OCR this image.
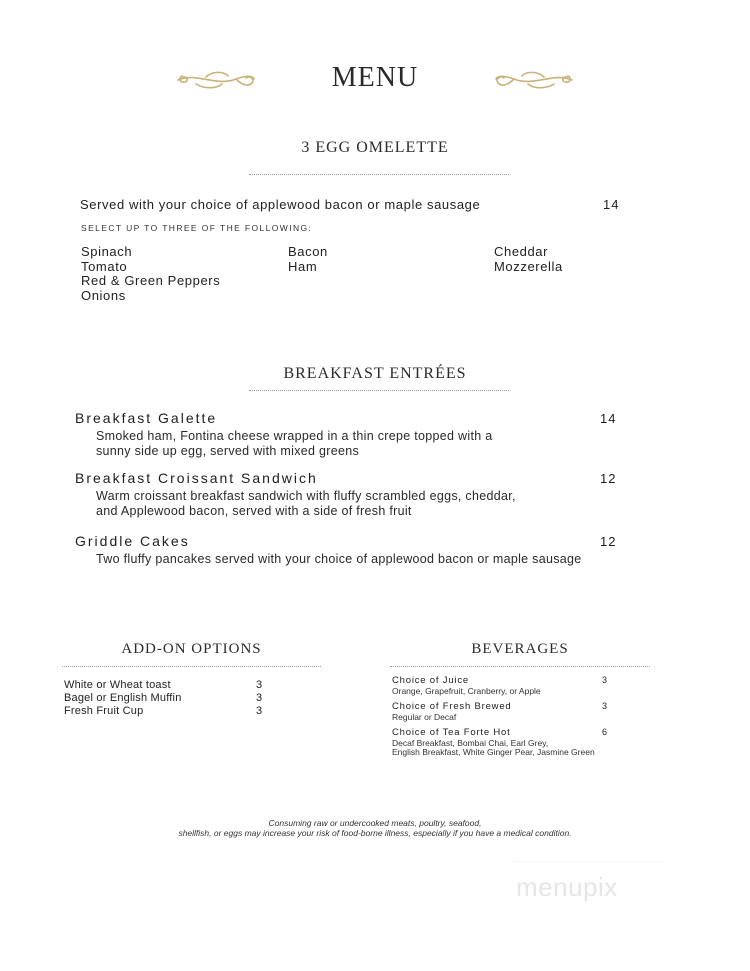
MENU
3 EGG OMELETTE
Served with your choice of applewood bacon or maple sausage	14
SELECT UP TO THREE OF THE FOLLOWING:
Spinach
Tomato
Red & Green Peppers
Onions
Bacon
Ham
Cheddar
Mozzerella
BREAKFAST ENTRÉES
Breakfast Galette	14
Smoked ham, Fontina cheese wrapped in a thin crepe topped with a
sunny side up egg, served with mixed greens
Breakfast Croissant Sandwich	12
Warm croissant breakfast sandwich with fluffy scrambled eggs, cheddar,
and Applewood bacon, served with a side of fresh fruit
Griddle Cakes	12
Two fluffy pancakes served with your choice of applewood bacon or maple sausage
ADD-ON OPTIONS
White or Wheat toast	3
Bagel or English Muffin	3
Fresh Fruit Cup	3
BEVERAGES
Choice of Juice	3
Orange, Grapefruit, Cranberry, or Apple
Choice of Fresh Brewed	3
Regular or Decaf
Choice of Tea Forte Hot	6
Decaf Breakfast, Bombai Chai, Earl Grey,
English Breakfast, White Ginger Pear, Jasmine Green
Consuming raw or undercooked meats, poultry, seafood,
shellfish, or eggs may increase your risk of food-borne illness, especially if you have a medical condition.
menupix
